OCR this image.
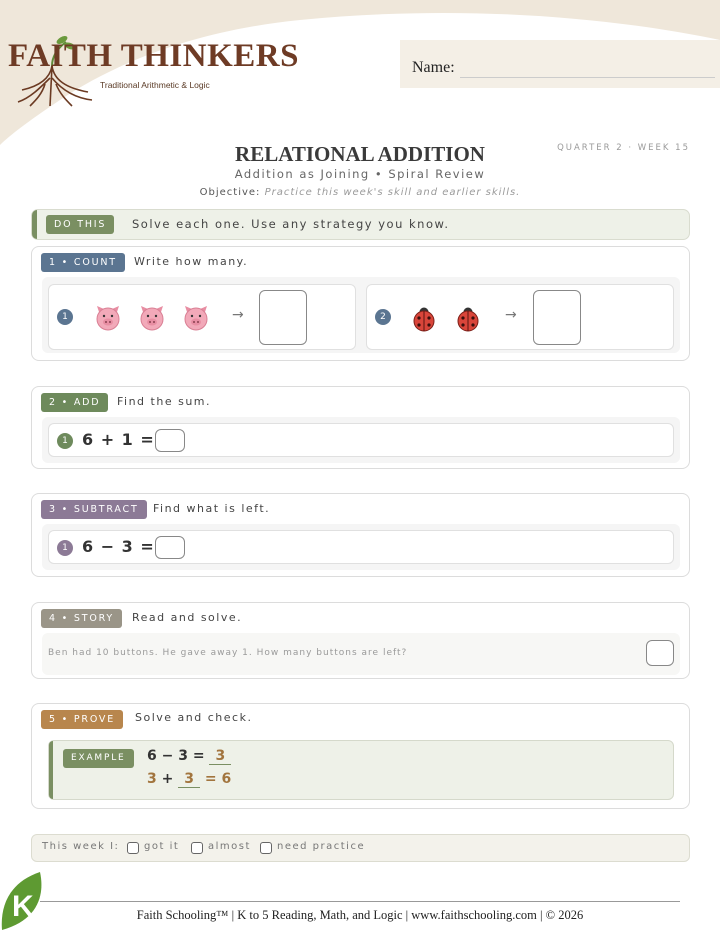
FAITH THINKERS
Traditional Arithmetic & Logic
Name:
RELATIONAL ADDITION	QUARTER 2 · WEEK 15
Addition as Joining • Spiral Review
Objective: Practice this week's skill and earlier skills.
DO THIS	Solve each one. Use any strategy you know.
1 • COUNT	Write how many.
1	→	2	→
2 • ADD	Find the sum.
1 6 + 1 =
3 • SUBTRACT	Find what is left.
1 6 − 3 =
4 • STORY	Read and solve.
Ben had 10 buttons. He gave away 1. How many buttons are left?
5 • PROVE	Solve and check.
EXAMPLE	6 − 3 = 3
3 + 3 = 6
This week I: got it	almost	need practice
K	Faith Schooling™ | K to 5 Reading, Math, and Logic | www.faithschooling.com | © 2026
